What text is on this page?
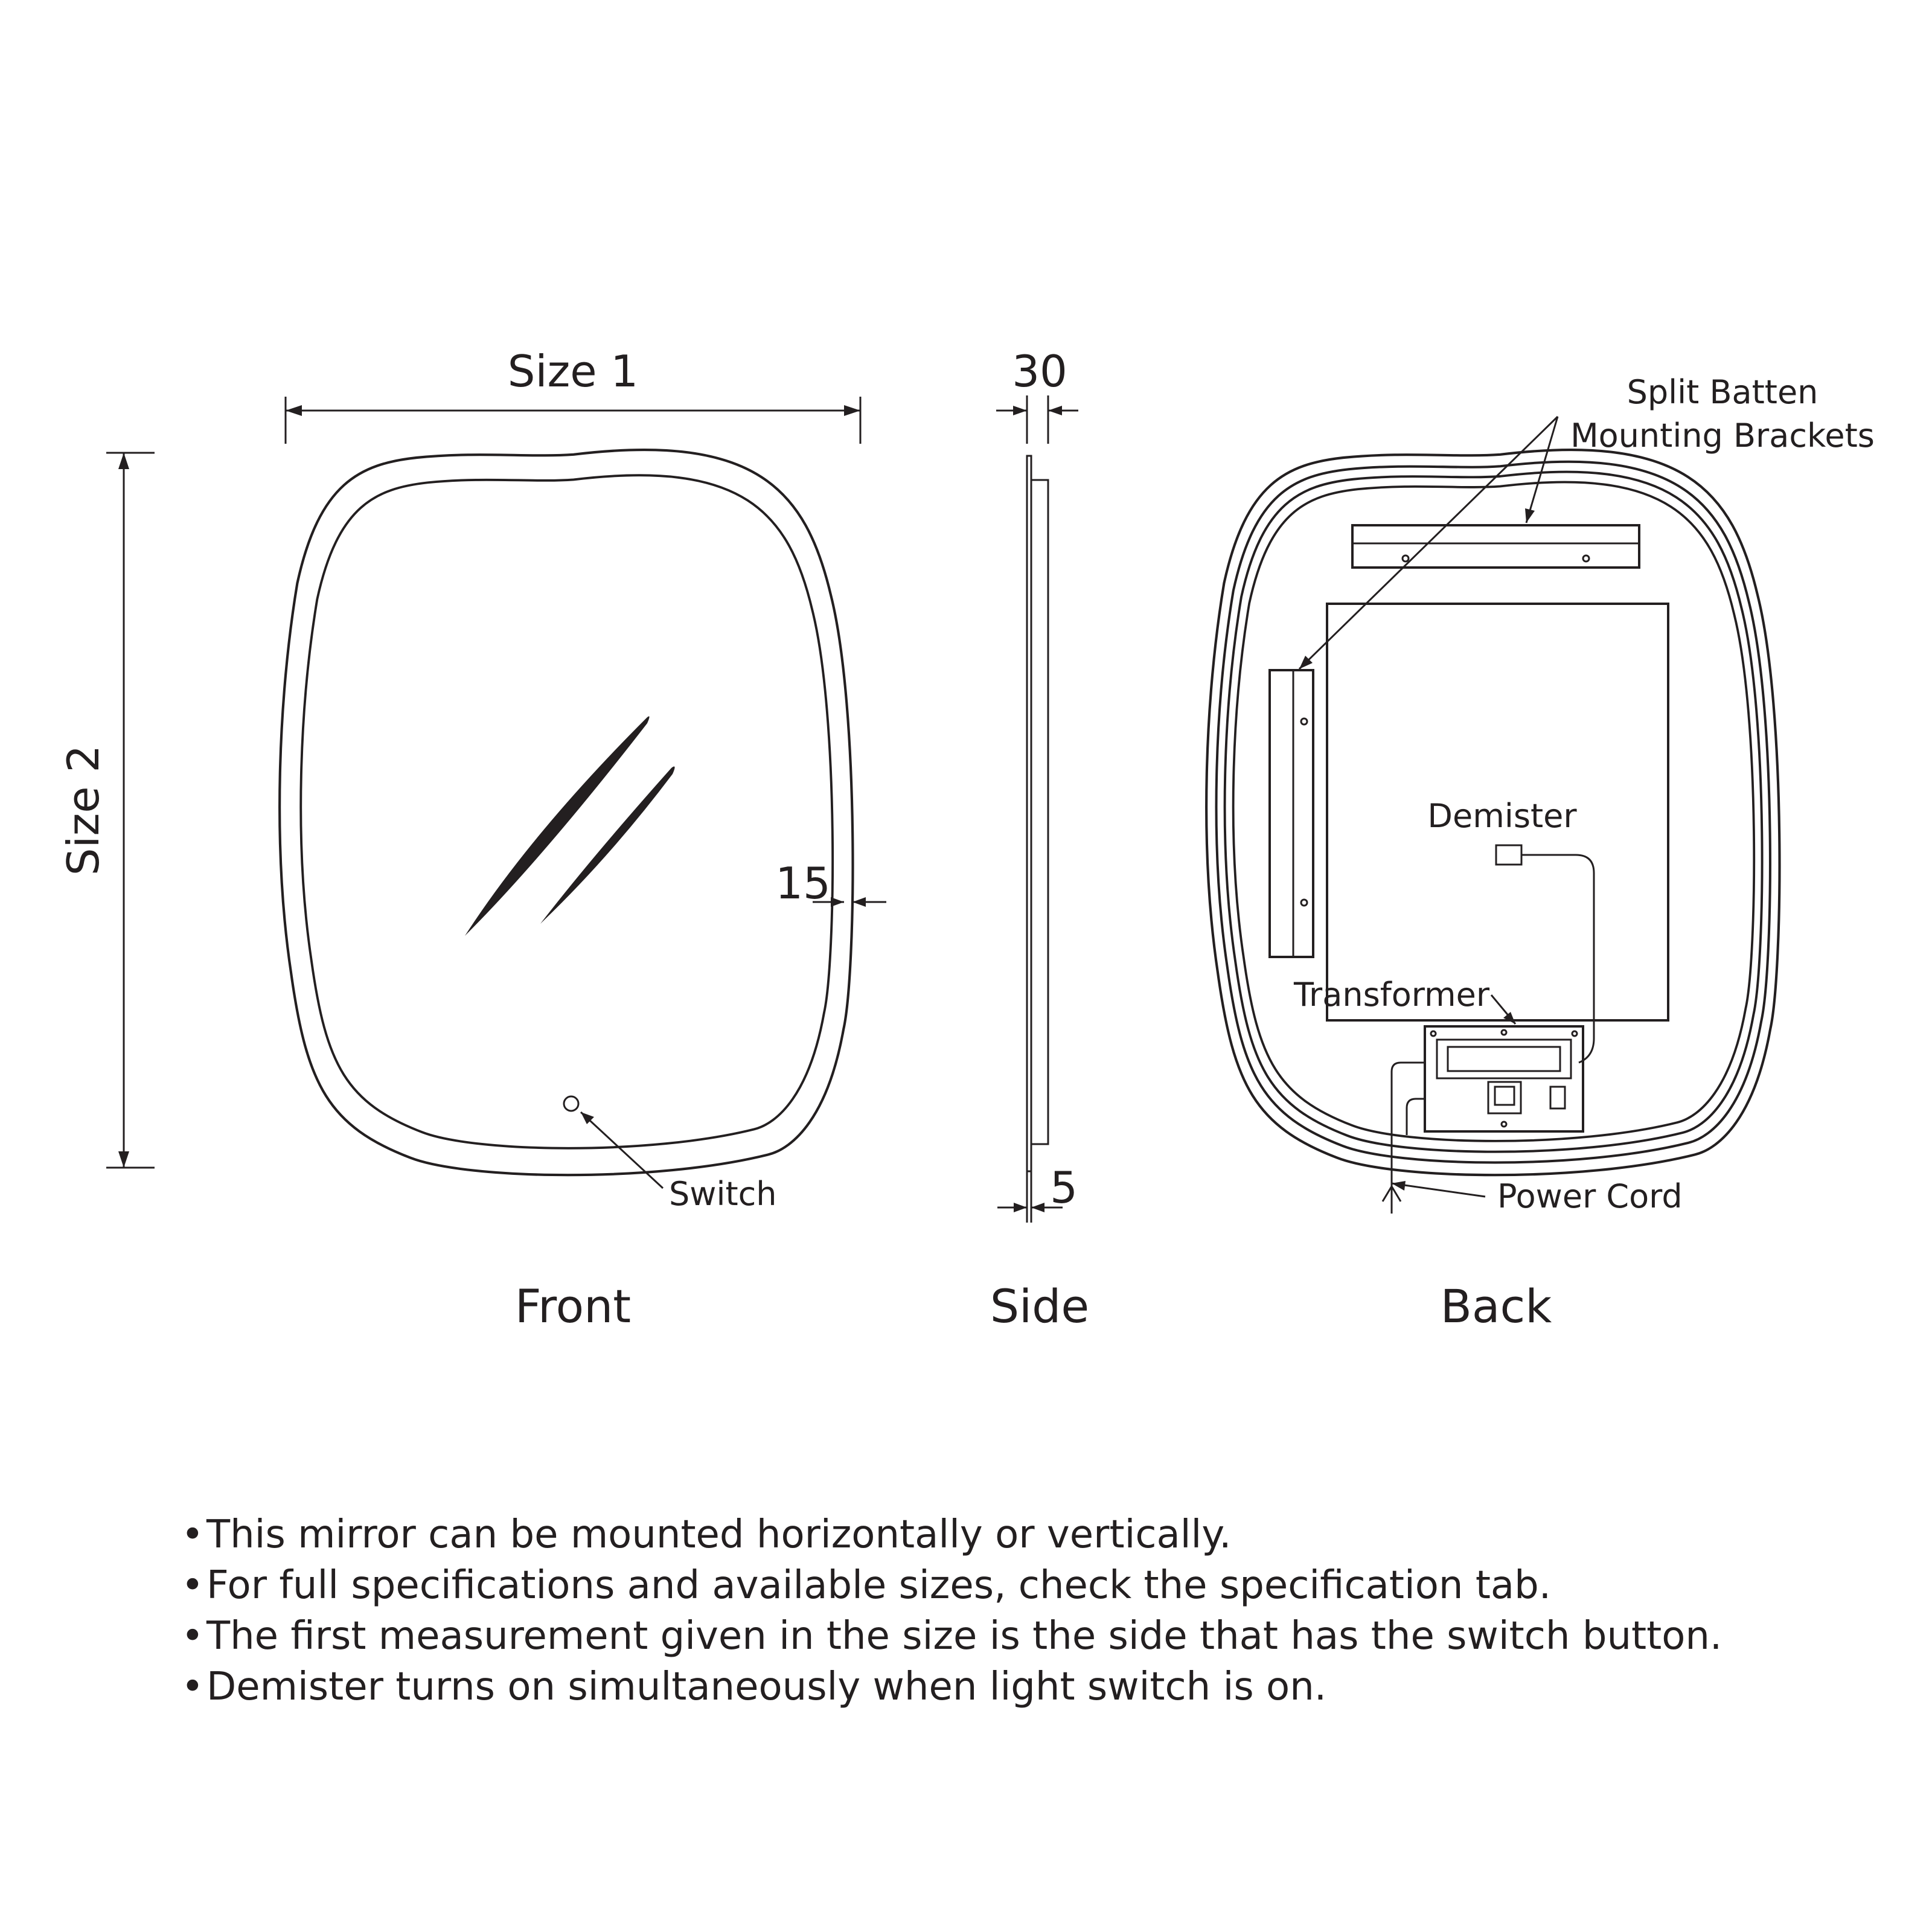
Switch
Size 1
Size 2
15
Front
30
5
Side
Split Batten
Mounting Brackets
Demister
Transformer
Power Cord
Back
• This mirror can be mounted horizontally or vertically.
• For full specifications and available sizes, check the specification tab.
• The first measurement given in the size is the side that has the switch button.
• Demister turns on simultaneously when light switch is on.
